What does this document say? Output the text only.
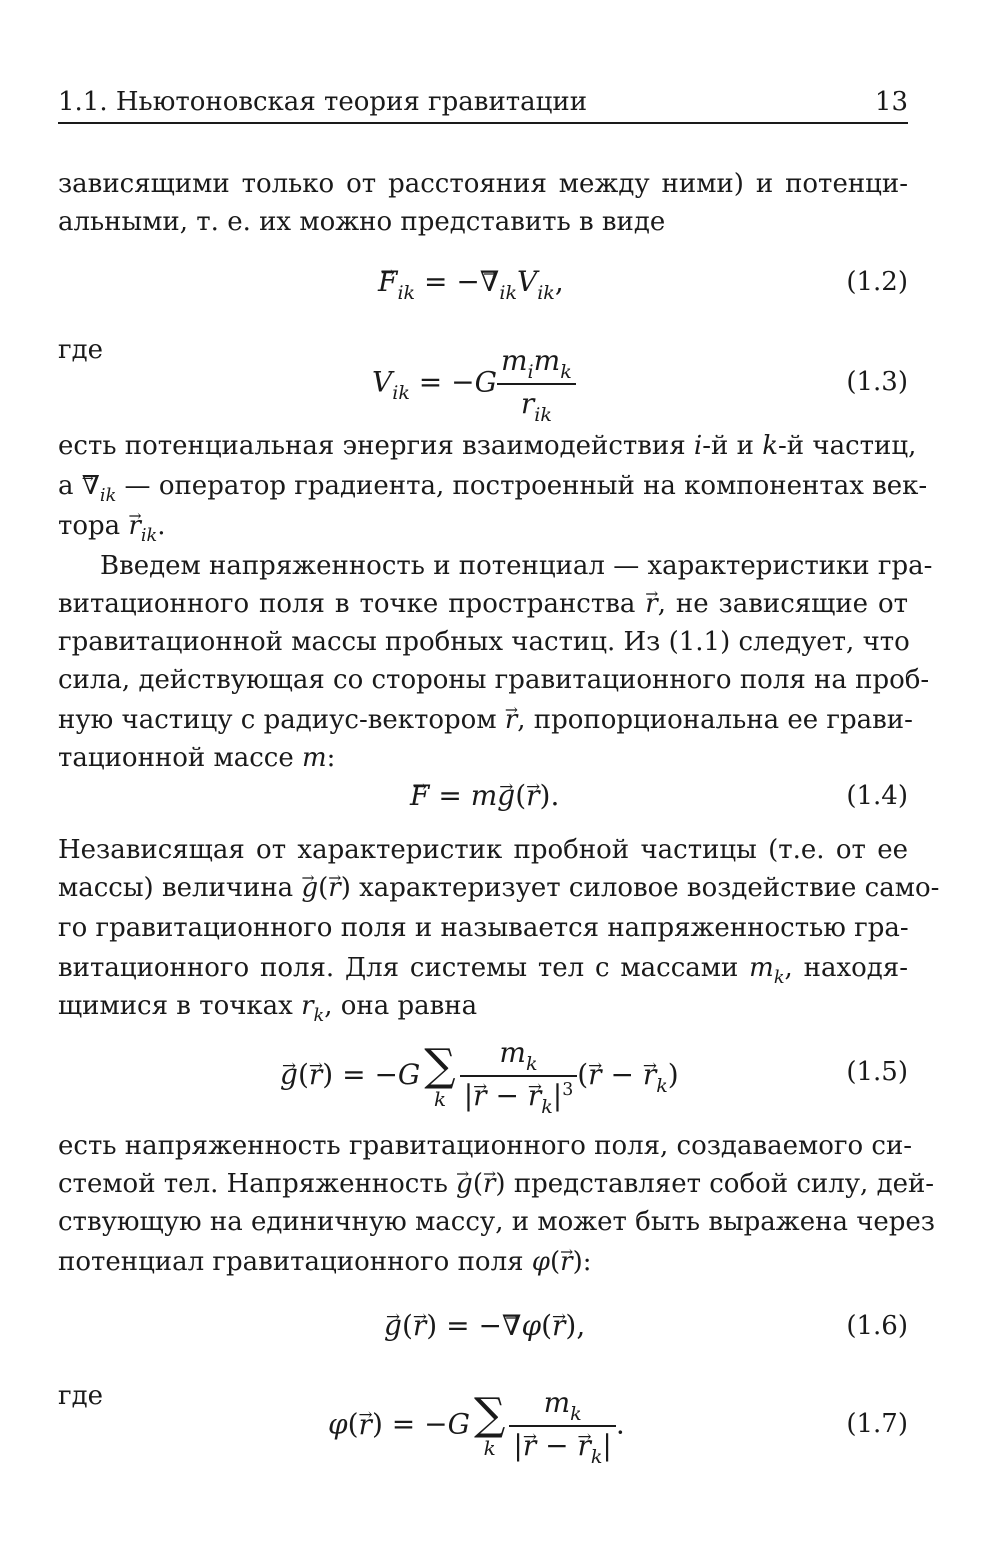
1.1. Ньютоновская теория гравитации	13
зависящими только от расстояния между ними) и потенци-
альными, т. е. их можно представить в виде
→ $F_{ik}$ = −→ $\nabla_{ik}V_{ik}$,	(1.2)
где
$V_{ik} = -G \frac{m_im_k}{r_{ik}}$	(1.3)
есть потенциальная энергия взаимодействия i-й и k-й частиц,
$а \to \nabla_{ik}$ — оператор градиента, построенный на компонентах век-
тора → $r_{ik}$.
Введем напряженность и потенциал — характеристики гра-
витационного поля в точке пространства → r, не зависящие от
гравитационной массы пробных частиц. Из (1.1) следует, что
сила, действующая со стороны гравитационного поля на проб-
ную частицу с радиус-вектором → r, пропорциональна ее грави-
тационной массе m:
→ F = m→ g(→ r).	(1.4)
Независящая от характеристик пробной частицы (т.е. от ее
массы) величина → g(→ r) характеризует силовое воздействие само-
го гравитационного поля и называется напряженностью гра-
витационного поля. Для системы тел с массами $m_k$, находя-
щимися в точках $r_k$, она равна
→ g(→ r) = −G ∑
k $\frac{m_k}{|\to r - \to r_k|^3}$ (→ r − → $r_k$)	(1.5)
есть напряженность гравитационного поля, создаваемого си-
стемой тел. Напряженность → g(→ r) представляет собой силу, дей-
ствующую на единичную массу, и может быть выражена через
потенциал гравитационного поля φ(→ r):
→ g(→ r) = −→ ∇φ(→ r),	(1.6)
где
φ(→ r) = −G ∑
k $\frac{m_k}{|\to r - \to r_k|}$ .	(1.7)
